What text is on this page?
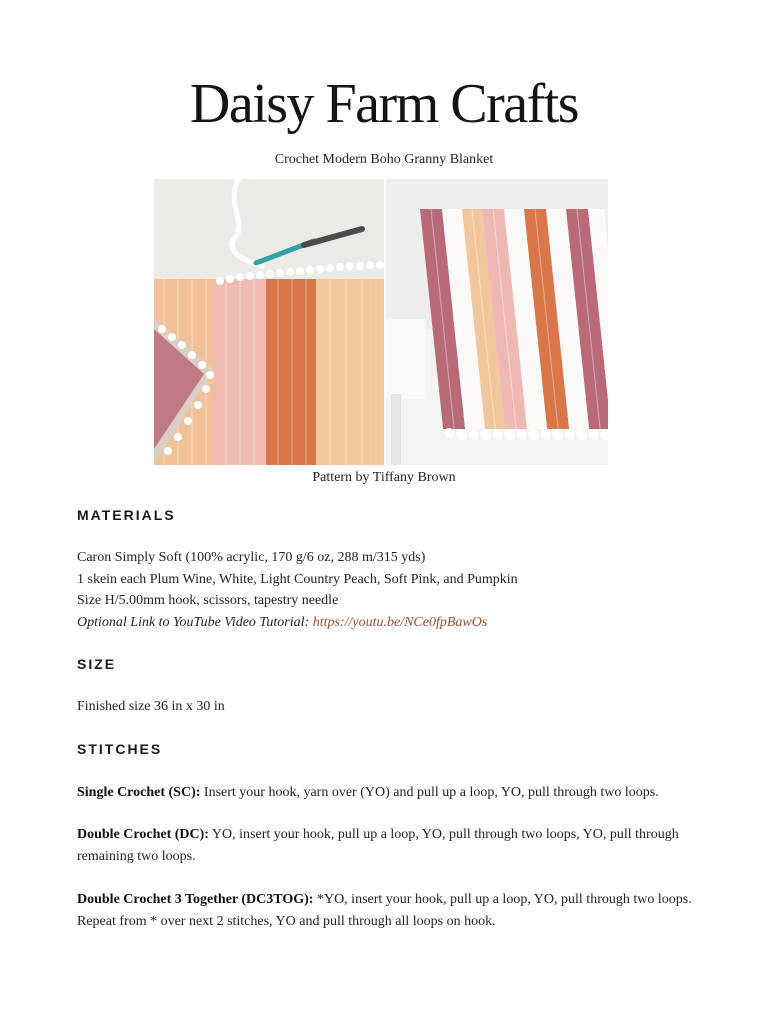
Daisy Farm Crafts
Crochet Modern Boho Granny Blanket
Pattern by Tiffany Brown
MATERIALS

Caron Simply Soft (100% acrylic, 170 g/6 oz, 288 m/315 yds)

1 skein each Plum Wine, White, Light Country Peach, Soft Pink, and Pumpkin

Size H/5.00mm hook, scissors, tapestry needle

Optional Link to YouTube Video Tutorial: https://youtu.be/NCe0fpBawOs

SIZE

Finished size 36 in x 30 in

STITCHES

Single Crochet (SC): Insert your hook, yarn over (YO) and pull up a loop, YO, pull through two loops.

Double Crochet (DC): YO, insert your hook, pull up a loop, YO, pull through two loops, YO, pull through remaining two loops.

Double Crochet 3 Together (DC3TOG): *YO, insert your hook, pull up a loop, YO, pull through two loops. Repeat from * over next 2 stitches, YO and pull through all loops on hook.
